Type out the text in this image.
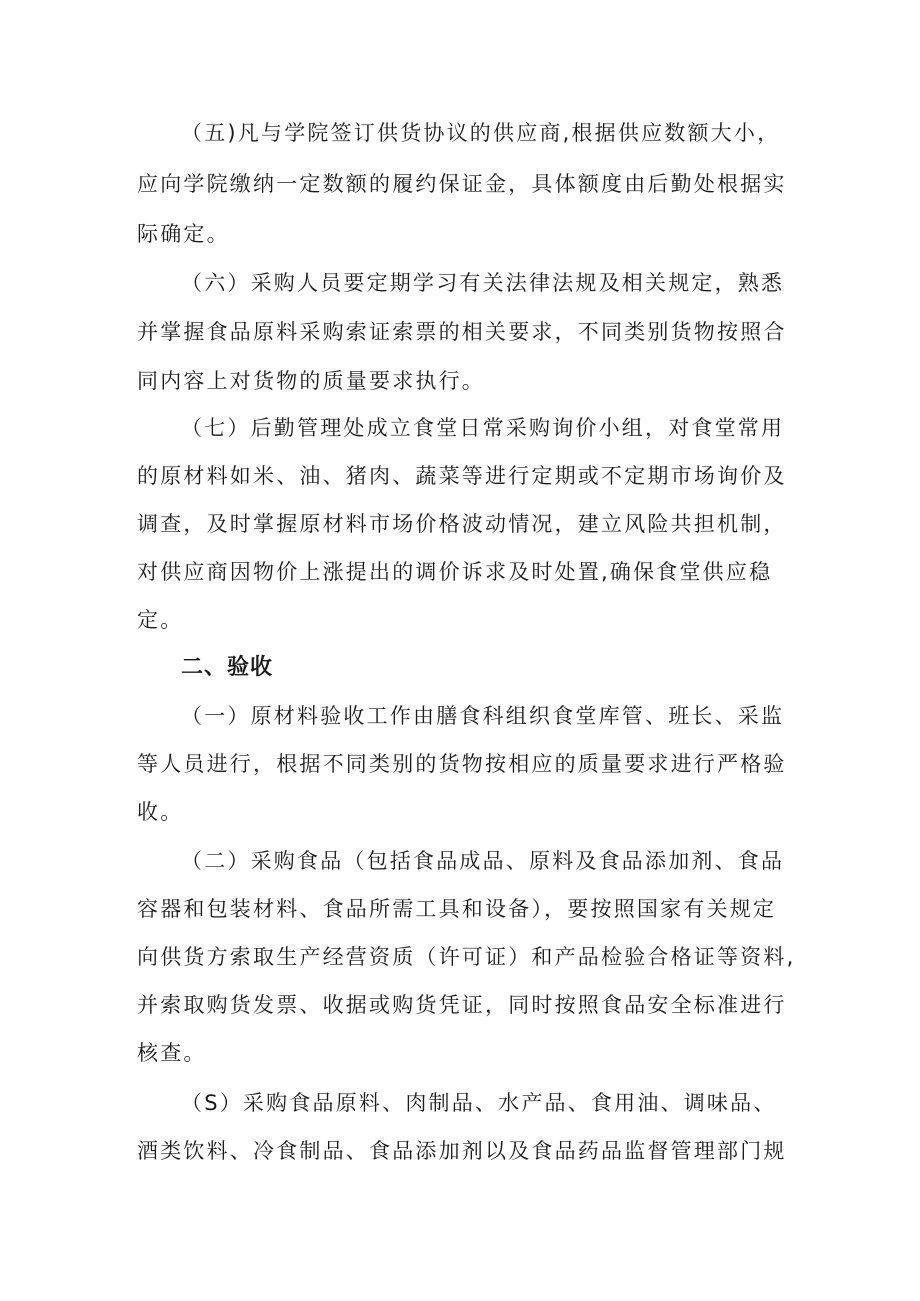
（五)凡与学院签订供货协议的供应商,根据供应数额大小，
应向学院缴纳一定数额的履约保证金，具体额度由后勤处根据实
际确定。
（六）采购人员要定期学习有关法律法规及相关规定，熟悉
并掌握食品原料采购索证索票的相关要求，不同类别货物按照合
同内容上对货物的质量要求执行。
（七）后勤管理处成立食堂日常采购询价小组，对食堂常用
的原材料如米、油、猪肉、蔬菜等进行定期或不定期市场询价及
调查，及时掌握原材料市场价格波动情况，建立风险共担机制，
对供应商因物价上涨提出的调价诉求及时处置,确保食堂供应稳
定。
二、验收
（一）原材料验收工作由膳食科组织食堂库管、班长、采监
等人员进行，根据不同类别的货物按相应的质量要求进行严格验
收。
（二）采购食品（包括食品成品、原料及食品添加剂、食品
容器和包装材料、食品所需工具和设备），要按照国家有关规定
向供货方索取生产经营资质（许可证）和产品检验合格证等资料,
并索取购货发票、收据或购货凭证，同时按照食品安全标准进行
核查。
（S）采购食品原料、肉制品、水产品、食用油、调味品、
酒类饮料、冷食制品、食品添加剂以及食品药品监督管理部门规
